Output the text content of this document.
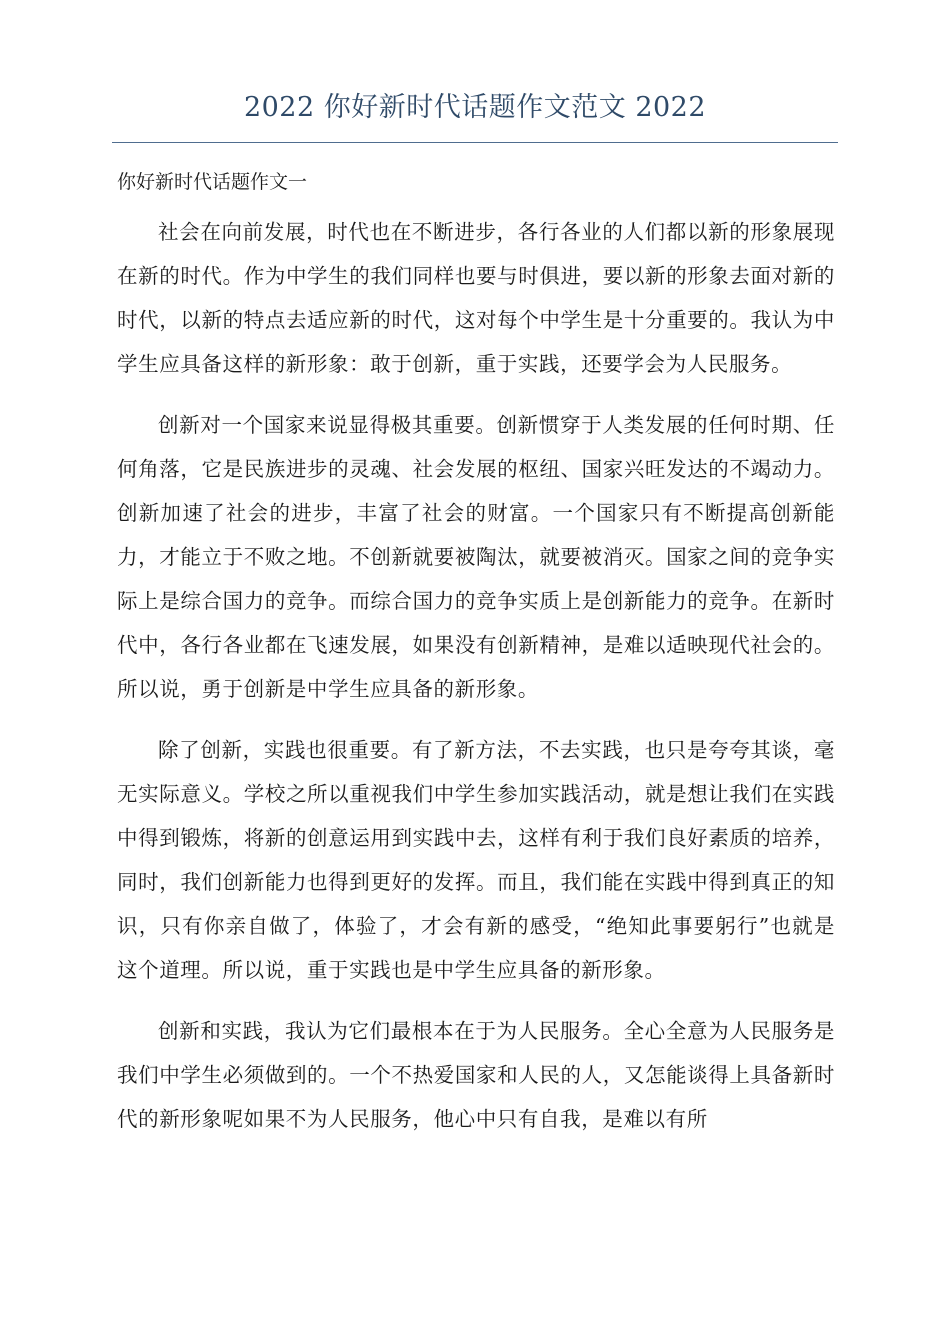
2022 你好新时代话题作文范文 2022
你好新时代话题作文一

社会在向前发展，时代也在不断进步，各行各业的人们都以新的形象展现在新的时代。作为中学生的我们同样也要与时俱进，要以新的形象去面对新的时代，以新的特点去适应新的时代，这对每个中学生是十分重要的。我认为中学生应具备这样的新形象：敢于创新，重于实践，还要学会为人民服务。

创新对一个国家来说显得极其重要。创新惯穿于人类发展的任何时期、任何角落，它是民族进步的灵魂、社会发展的枢纽、国家兴旺发达的不竭动力。创新加速了社会的进步，丰富了社会的财富。一个国家只有不断提高创新能力，才能立于不败之地。不创新就要被陶汰，就要被消灭。国家之间的竞争实际上是综合国力的竞争。而综合国力的竞争实质上是创新能力的竞争。在新时代中，各行各业都在飞速发展，如果没有创新精神，是难以适映现代社会的。所以说，勇于创新是中学生应具备的新形象。

除了创新，实践也很重要。有了新方法，不去实践，也只是夸夸其谈，毫无实际意义。学校之所以重视我们中学生参加实践活动，就是想让我们在实践中得到锻炼，将新的创意运用到实践中去，这样有利于我们良好素质的培养，同时，我们创新能力也得到更好的发挥。而且，我们能在实践中得到真正的知识，只有你亲自做了，体验了，才会有新的感受，“绝知此事要躬行”也就是这个道理。所以说，重于实践也是中学生应具备的新形象。

创新和实践，我认为它们最根本在于为人民服务。全心全意为人民服务是我们中学生必须做到的。一个不热爱国家和人民的人，又怎能谈得上具备新时代的新形象呢如果不为人民服务，他心中只有自我，是难以有所
